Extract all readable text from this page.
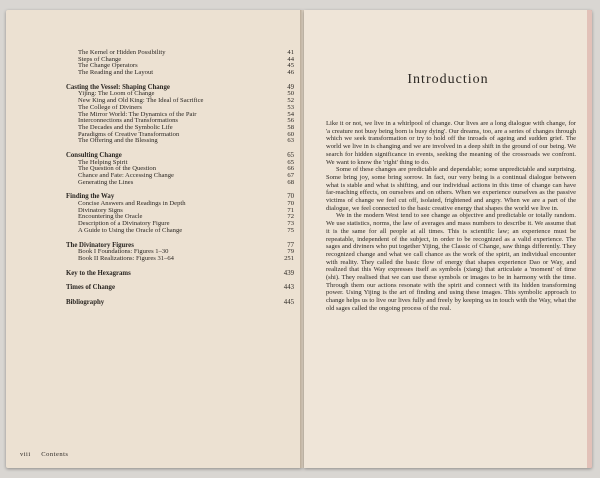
The Kernel or Hidden Possibility	41
Steps of Change	44
The Change Operators	45
The Reading and the Layout	46
Casting the Vessel: Shaping Change	49
Yijing: The Loom of Change	50
New King and Old King: The Ideal of Sacrifice	52
The College of Diviners	53
The Mirror World: The Dynamics of the Pair	54
Interconnections and Transformations	56
The Decades and the Symbolic Life	58
Paradigms of Creative Transformation	60
The Offering and the Blessing	63
Consulting Change	65
The Helping Spirit	65
The Question of the Question	66
Chance and Fate: Accessing Change	67
Generating the Lines	68
Finding the Way	70
Concise Answers and Readings in Depth	70
Divinatory Signs	71
Encountering the Oracle	72
Description of a Divinatory Figure	73
A Guide to Using the Oracle of Change	75
The Divinatory Figures	77
Book I Foundations: Figures 1–30	79
Book II Realizations: Figures 31–64	251
Key to the Hexagrams	439
Times of Change	443
Bibliography	445
viii Contents
Introduction

Like it or not, we live in a whirlpool of change. Our lives are a long dialogue with change, for 'a creature not busy being born is busy dying'. Our dreams, too, are a series of changes through which we seek transformation or try to hold off the inroads of ageing and sudden grief. The world we live in is changing and we are involved in a deep shift in the ground of our being. We search for hidden significance in events, seeking the meaning of the crossroads we confront. We want to know the 'right' thing to do.

Some of these changes are predictable and dependable; some unpredictable and surprising. Some bring joy, some bring sorrow. In fact, our very being is a continual dialogue between what is stable and what is shifting, and our individual actions in this time of change can have far-reaching effects, on ourselves and on others. When we experience ourselves as the passive victims of change we feel cut off, isolated, frightened and angry. When we are a part of the dialogue, we feel connected to the basic creative energy that shapes the world we live in.

We in the modern West tend to see change as objective and predictable or totally random. We use statistics, norms, the law of averages and mass numbers to describe it. We assume that it is the same for all people at all times. This is scientific law; an experience must be repeatable, independent of the subject, in order to be recognized as a valid experience. The sages and diviners who put together Yijing, the Classic of Change, saw things differently. They recognized change and what we call chance as the work of the spirit, an individual encounter with reality. They called the basic flow of energy that shapes experience Dao or Way, and realized that this Way expresses itself as symbols (xiang) that articulate a 'moment' of time (shi). They realised that we can use these symbols or images to be in harmony with the time. Through them our actions resonate with the spirit and connect with its hidden transforming power. Using Yijing is the art of finding and using these images. This symbolic approach to change helps us to live our lives fully and freely by keeping us in touch with the Way, what the old sages called the ongoing process of the real.
